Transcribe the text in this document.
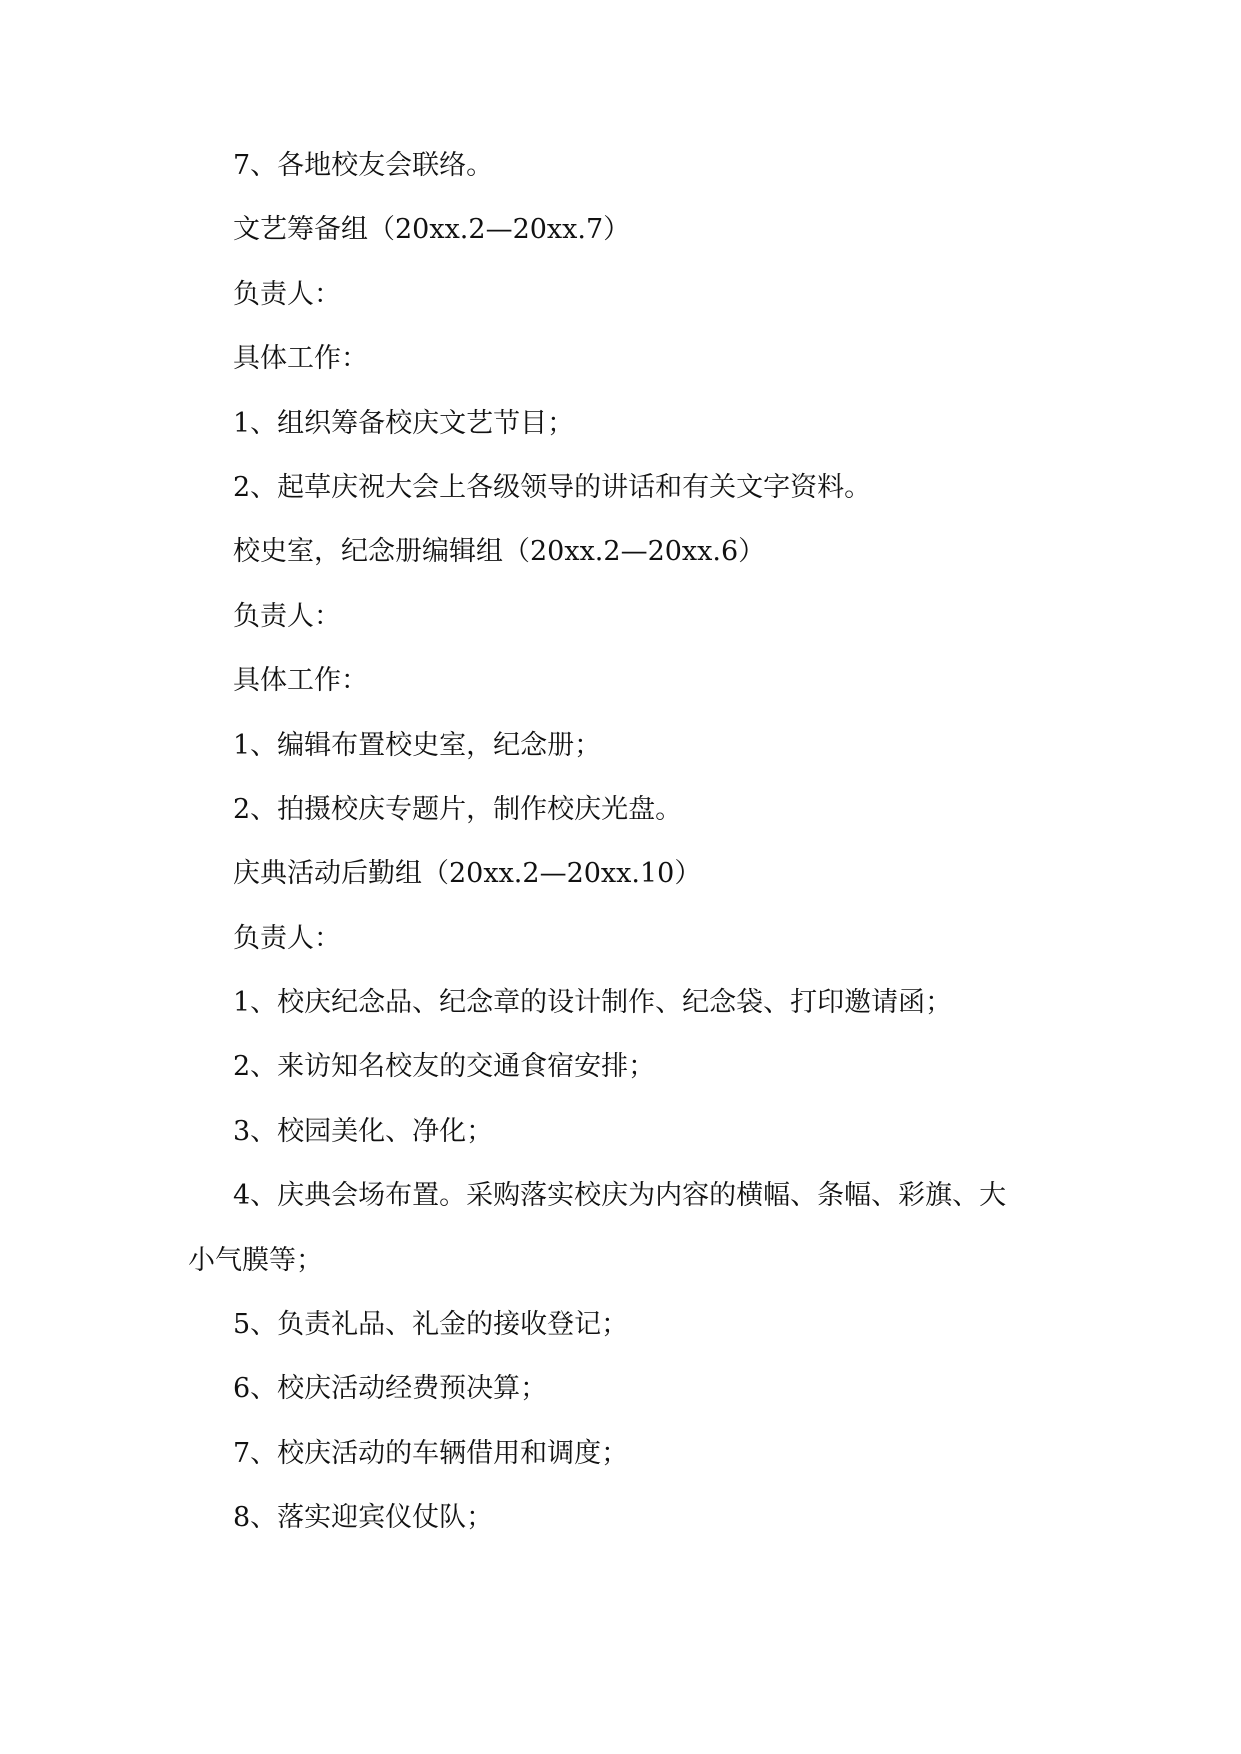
7、各地校友会联络。

文艺筹备组（20xx.2—20xx.7）

负责人：

具体工作：

1、组织筹备校庆文艺节目；

2、起草庆祝大会上各级领导的讲话和有关文字资料。

校史室，纪念册编辑组（20xx.2—20xx.6）

负责人：

具体工作：

1、编辑布置校史室，纪念册；

2、拍摄校庆专题片，制作校庆光盘。

庆典活动后勤组（20xx.2—20xx.10）

负责人：

1、校庆纪念品、纪念章的设计制作、纪念袋、打印邀请函；

2、来访知名校友的交通食宿安排；

3、校园美化、净化；

4、庆典会场布置。采购落实校庆为内容的横幅、条幅、彩旗、大

小气膜等；

5、负责礼品、礼金的接收登记；

6、校庆活动经费预决算；

7、校庆活动的车辆借用和调度；

8、落实迎宾仪仗队；
